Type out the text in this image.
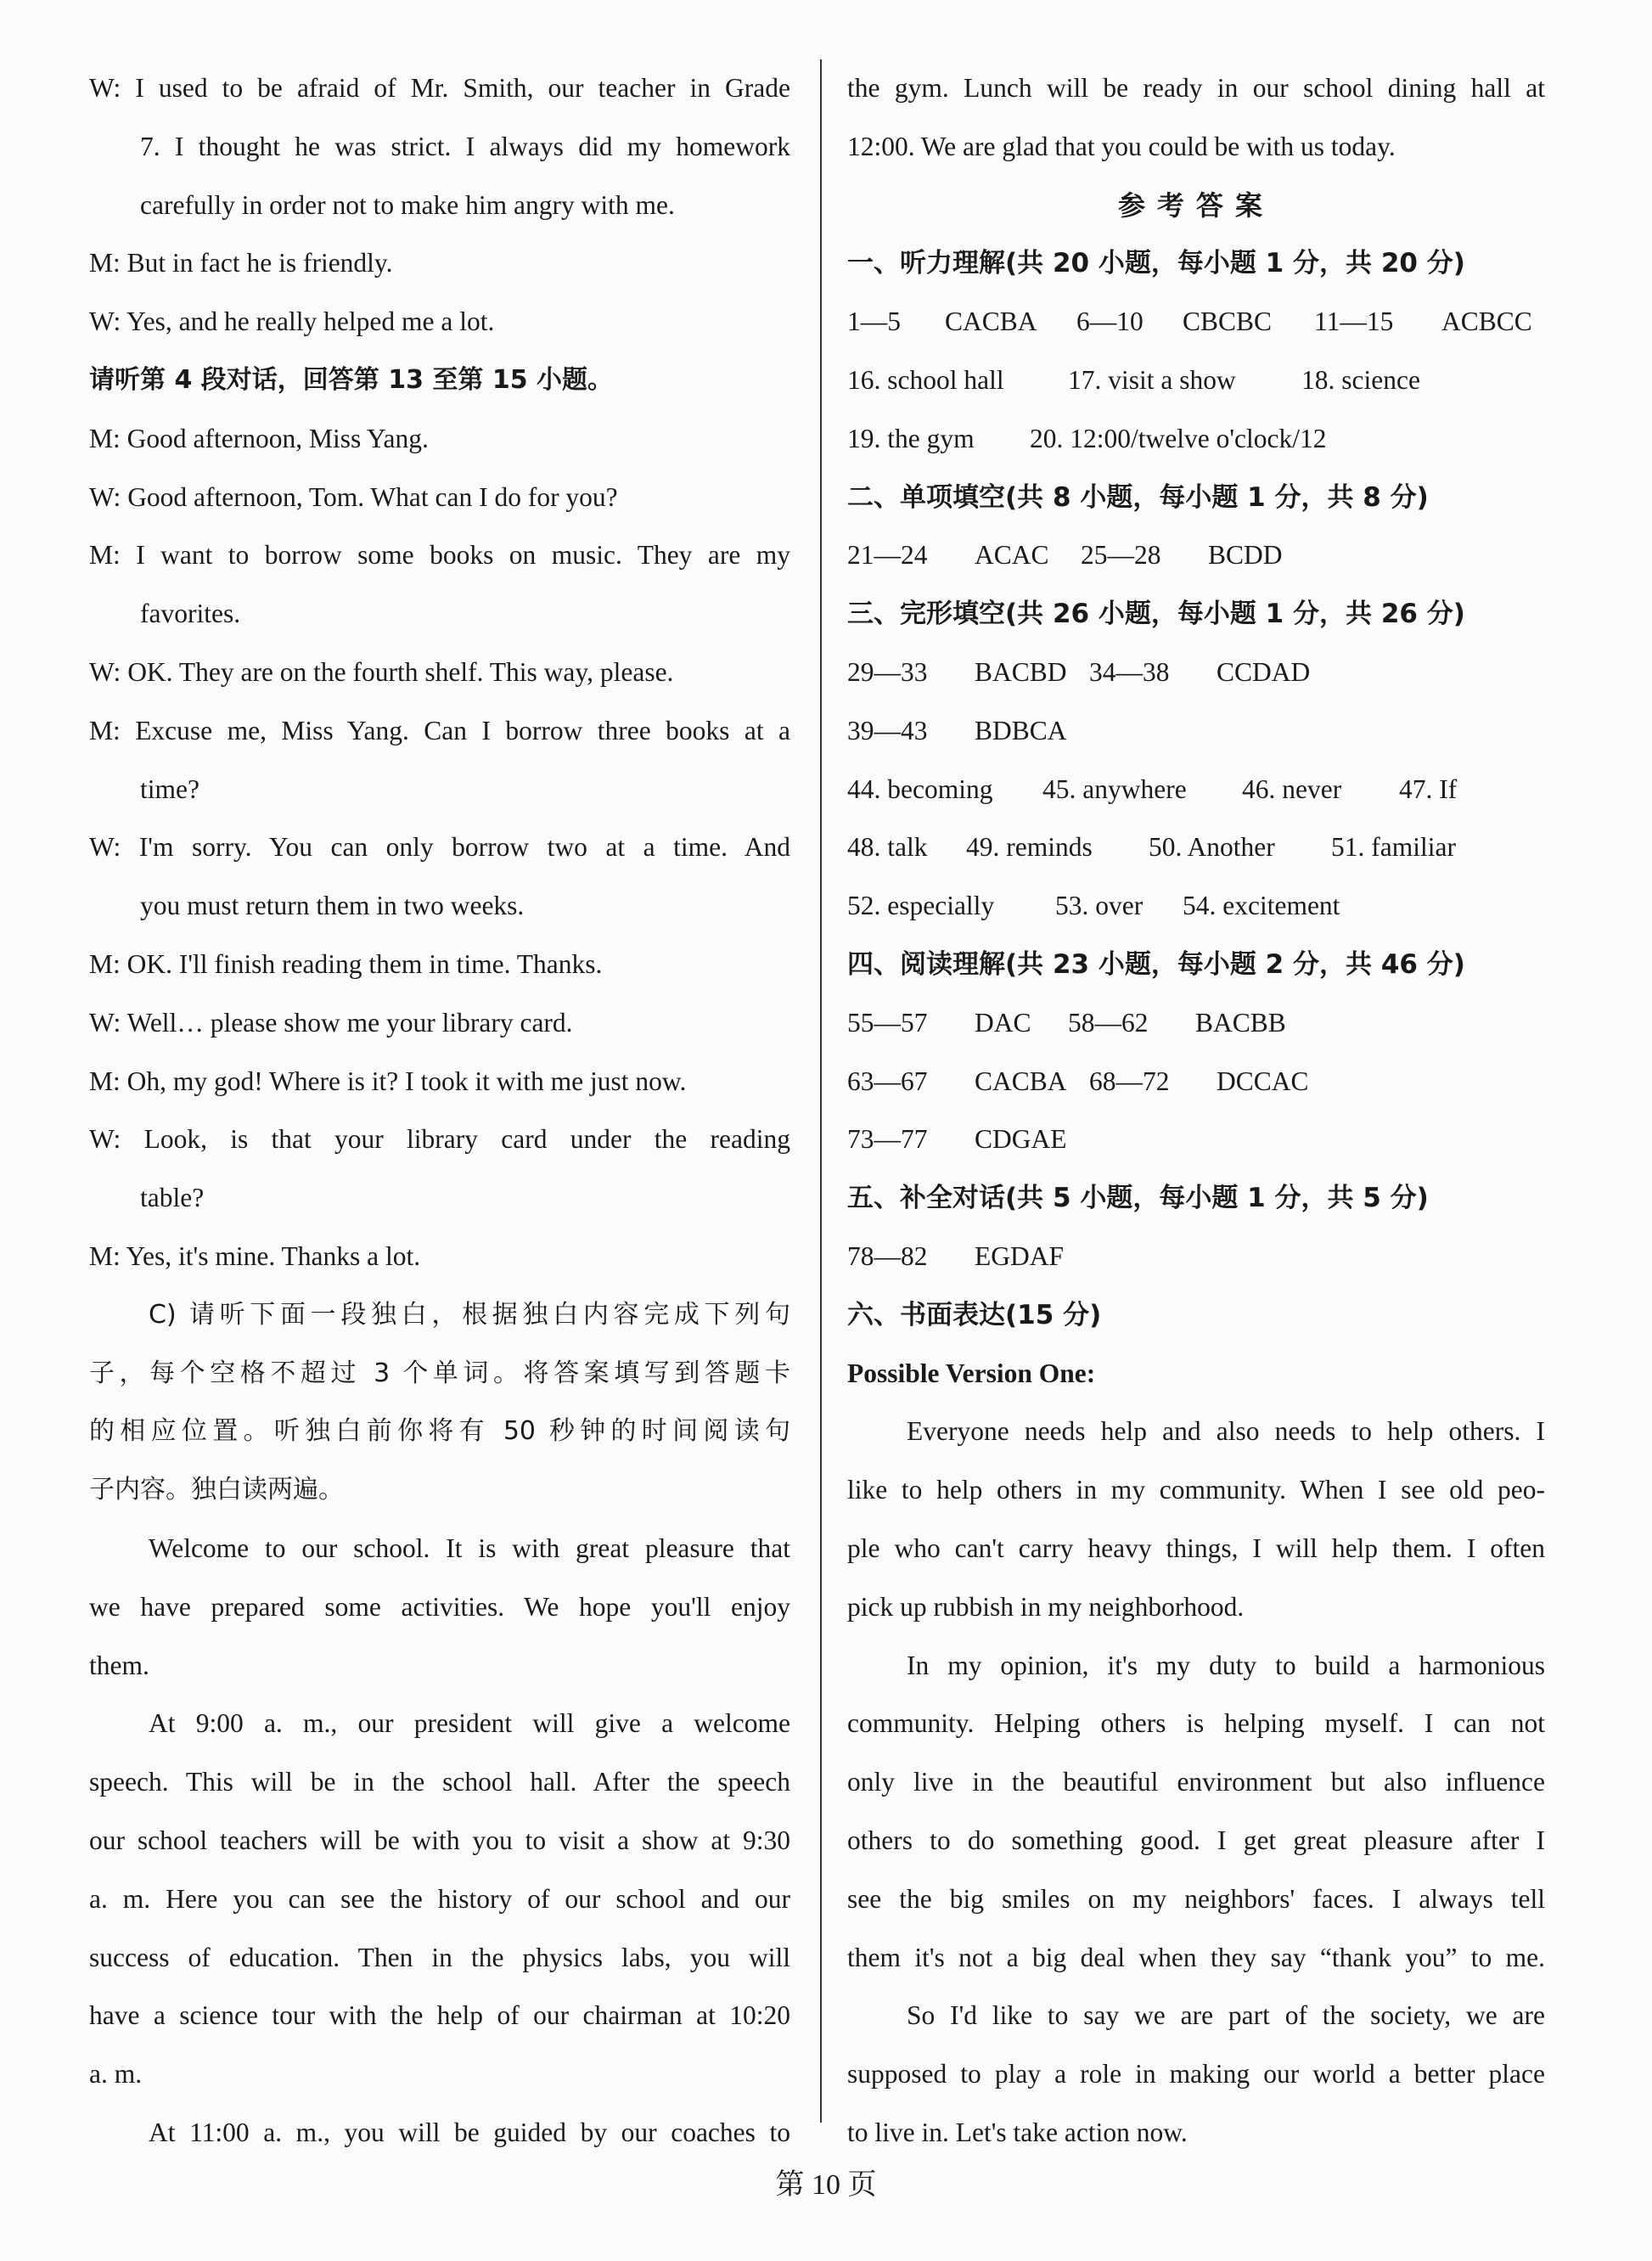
W: I used to be afraid of Mr. Smith, our teacher in Grade
7. I thought he was strict. I always did my homework
carefully in order not to make him angry with me.
M: But in fact he is friendly.
W: Yes, and he really helped me a lot.
请听第 4 段对话，回答第 13 至第 15 小题。
M: Good afternoon, Miss Yang.
W: Good afternoon, Tom. What can I do for you?
M: I want to borrow some books on music. They are my
favorites.
W: OK. They are on the fourth shelf. This way, please.
M: Excuse me, Miss Yang. Can I borrow three books at a
time?
W: I'm sorry. You can only borrow two at a time. And
you must return them in two weeks.
M: OK. I'll finish reading them in time. Thanks.
W: Well… please show me your library card.
M: Oh, my god! Where is it? I took it with me just now.
W: Look, is that your library card under the reading
table?
M: Yes, it's mine. Thanks a lot.
C) 请听下面一段独白，根据独白内容完成下列句
子，每个空格不超过 3 个单词。将答案填写到答题卡
的相应位置。听独白前你将有 50 秒钟的时间阅读句
子内容。独白读两遍。
Welcome to our school. It is with great pleasure that
we have prepared some activities. We hope you'll enjoy
them.
At 9:00 a. m., our president will give a welcome
speech. This will be in the school hall. After the speech
our school teachers will be with you to visit a show at 9:30
a. m. Here you can see the history of our school and our
success of education. Then in the physics labs, you will
have a science tour with the help of our chairman at 10:20
a. m.
At 11:00 a. m., you will be guided by our coaches to
the gym. Lunch will be ready in our school dining hall at
12:00. We are glad that you could be with us today.
参考答案
一、听力理解(共 20 小题，每小题 1 分，共 20 分)
1—5 CACBA 6—10 CBCBC 11—15 ACBCC
16. school hall 17. visit a show 18. science
19. the gym 20. 12:00/twelve o'clock/12
二、单项填空(共 8 小题，每小题 1 分，共 8 分)
21—24 ACAC 25—28 BCDD
三、完形填空(共 26 小题，每小题 1 分，共 26 分)
29—33 BACBD 34—38 CCDAD
39—43 BDBCA
44. becoming 45. anywhere 46. never 47. If
48. talk 49. reminds 50. Another 51. familiar
52. especially 53. over 54. excitement
四、阅读理解(共 23 小题，每小题 2 分，共 46 分)
55—57 DAC 58—62 BACBB
63—67 CACBA 68—72 DCCAC
73—77 CDGAE
五、补全对话(共 5 小题，每小题 1 分，共 5 分)
78—82 EGDAF
六、书面表达(15 分)
Possible Version One:
Everyone needs help and also needs to help others. I
like to help others in my community. When I see old peo-
ple who can't carry heavy things, I will help them. I often
pick up rubbish in my neighborhood.
In my opinion, it's my duty to build a harmonious
community. Helping others is helping myself. I can not
only live in the beautiful environment but also influence
others to do something good. I get great pleasure after I
see the big smiles on my neighbors' faces. I always tell
them it's not a big deal when they say “thank you” to me.
So I'd like to say we are part of the society, we are
supposed to play a role in making our world a better place
to live in. Let's take action now.
第 10 页
